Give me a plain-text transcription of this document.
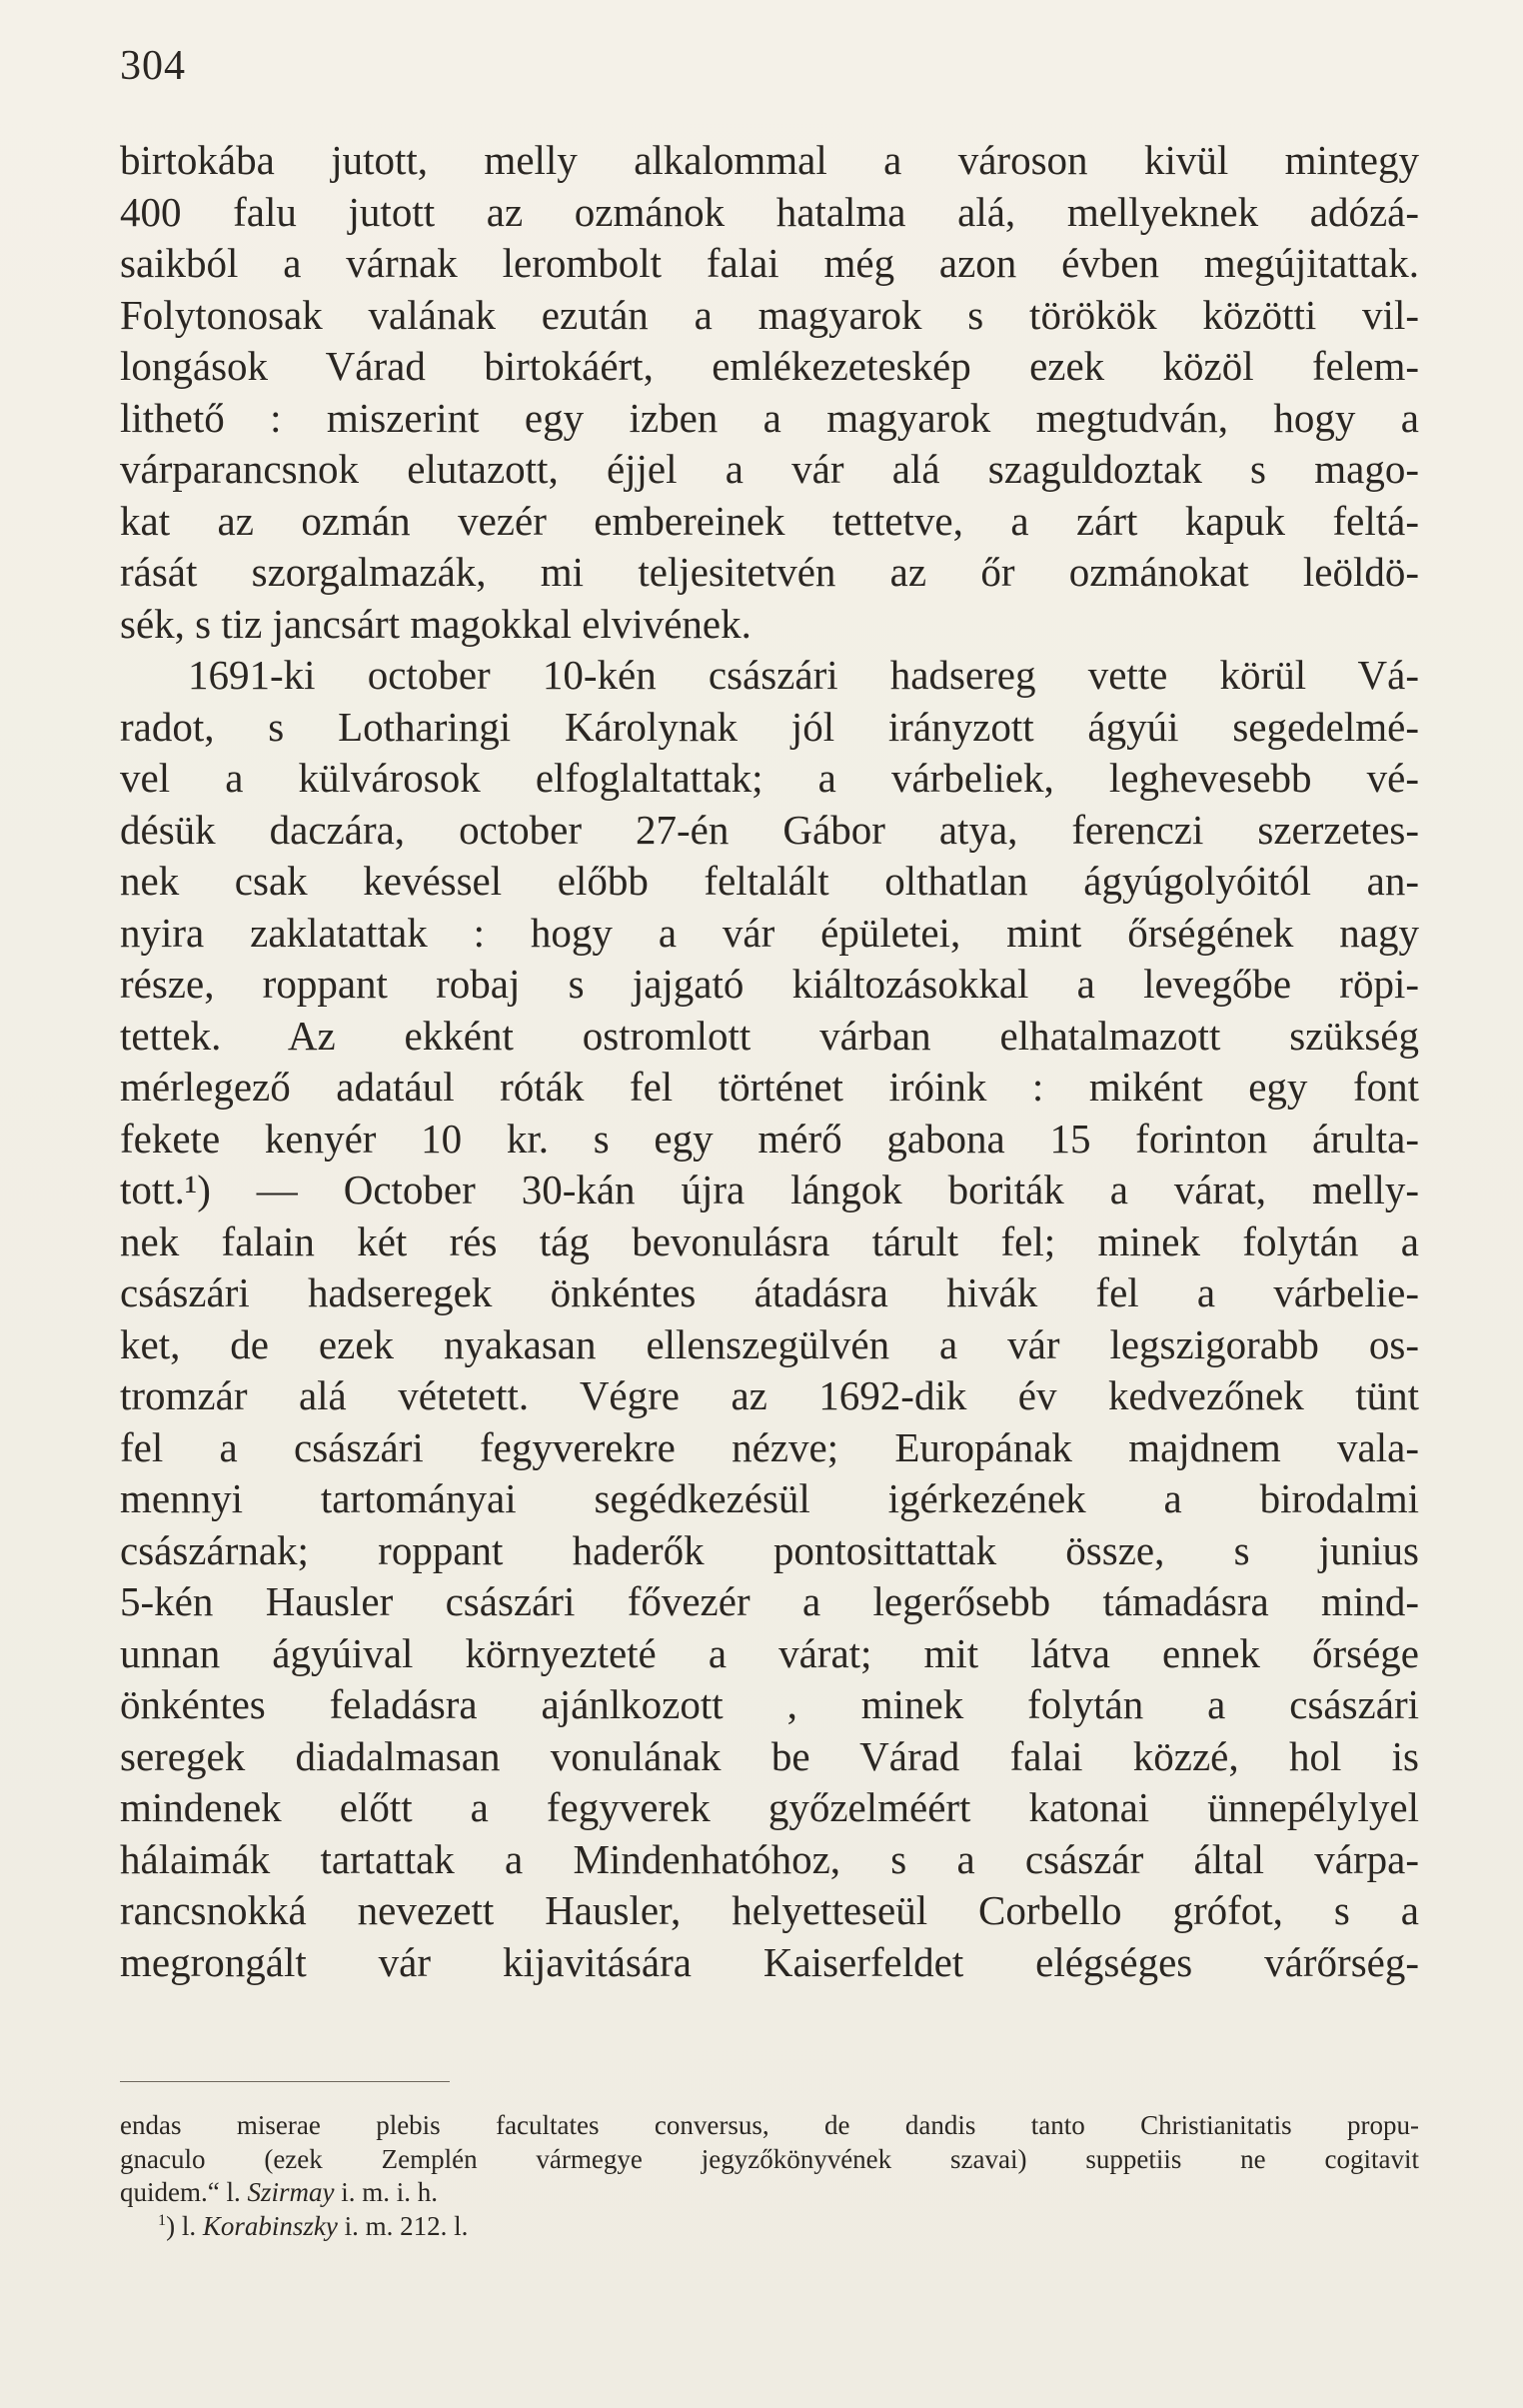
304
birtokába jutott, melly alkalommal a városon kivül mintegy
400 falu jutott az ozmánok hatalma alá, mellyeknek adózá-
saikból a várnak lerombolt falai még azon évben megújitattak.
Folytonosak valának ezután a magyarok s törökök közötti vil-
longások Várad birtokáért, emlékezeteskép ezek közöl felem-
lithető : miszerint egy izben a magyarok megtudván, hogy a
várparancsnok elutazott, éjjel a vár alá szaguldoztak s mago-
kat az ozmán vezér embereinek tettetve, a zárt kapuk feltá-
rását szorgalmazák, mi teljesitetvén az őr ozmánokat leöldö-
sék, s tiz jancsárt magokkal elvivének.
1691-ki october 10-kén császári hadsereg vette körül Vá-
radot, s Lotharingi Károlynak jól irányzott ágyúi segedelmé-
vel a külvárosok elfoglaltattak; a várbeliek, leghevesebb vé-
désük daczára, october 27-én Gábor atya, ferenczi szerzetes-
nek csak kevéssel előbb feltalált olthatlan ágyúgolyóitól an-
nyira zaklatattak : hogy a vár épületei, mint őrségének nagy
része, roppant robaj s jajgató kiáltozásokkal a levegőbe röpi-
tettek. Az ekként ostromlott várban elhatalmazott szükség
mérlegező adatául róták fel történet iróink : miként egy font
fekete kenyér 10 kr. s egy mérő gabona 15 forinton árulta-
tott.¹) — October 30-kán újra lángok boriták a várat, melly-
nek falain két rés tág bevonulásra tárult fel; minek folytán a
császári hadseregek önkéntes átadásra hivák fel a várbelie-
ket, de ezek nyakasan ellenszegülvén a vár legszigorabb os-
tromzár alá vétetett. Végre az 1692-dik év kedvezőnek tünt
fel a császári fegyverekre nézve; Europának majdnem vala-
mennyi tartományai segédkezésül igérkezének a birodalmi
császárnak; roppant haderők pontosittattak össze, s junius
5-kén Hausler császári fővezér a legerősebb támadásra mind-
unnan ágyúival környezteté a várat; mit látva ennek őrsége
önkéntes feladásra ajánlkozott , minek folytán a császári
seregek diadalmasan vonulának be Várad falai közzé, hol is
mindenek előtt a fegyverek győzelméért katonai ünnepélylyel
hálaimák tartattak a Mindenhatóhoz, s a császár által várpa-
rancsnokká nevezett Hausler, helyetteseül Corbello grófot, s a
megrongált vár kijavitására Kaiserfeldet elégséges várőrség-
endas miserae plebis facultates conversus, de dandis tanto Christianitatis propu-
gnaculo (ezek Zemplén vármegye jegyzőkönyvének szavai) suppetiis ne cogitavit
quidem.“ l. Szirmay i. m. i. h.
$^1$) l. Korabinszky i. m. 212. l.
